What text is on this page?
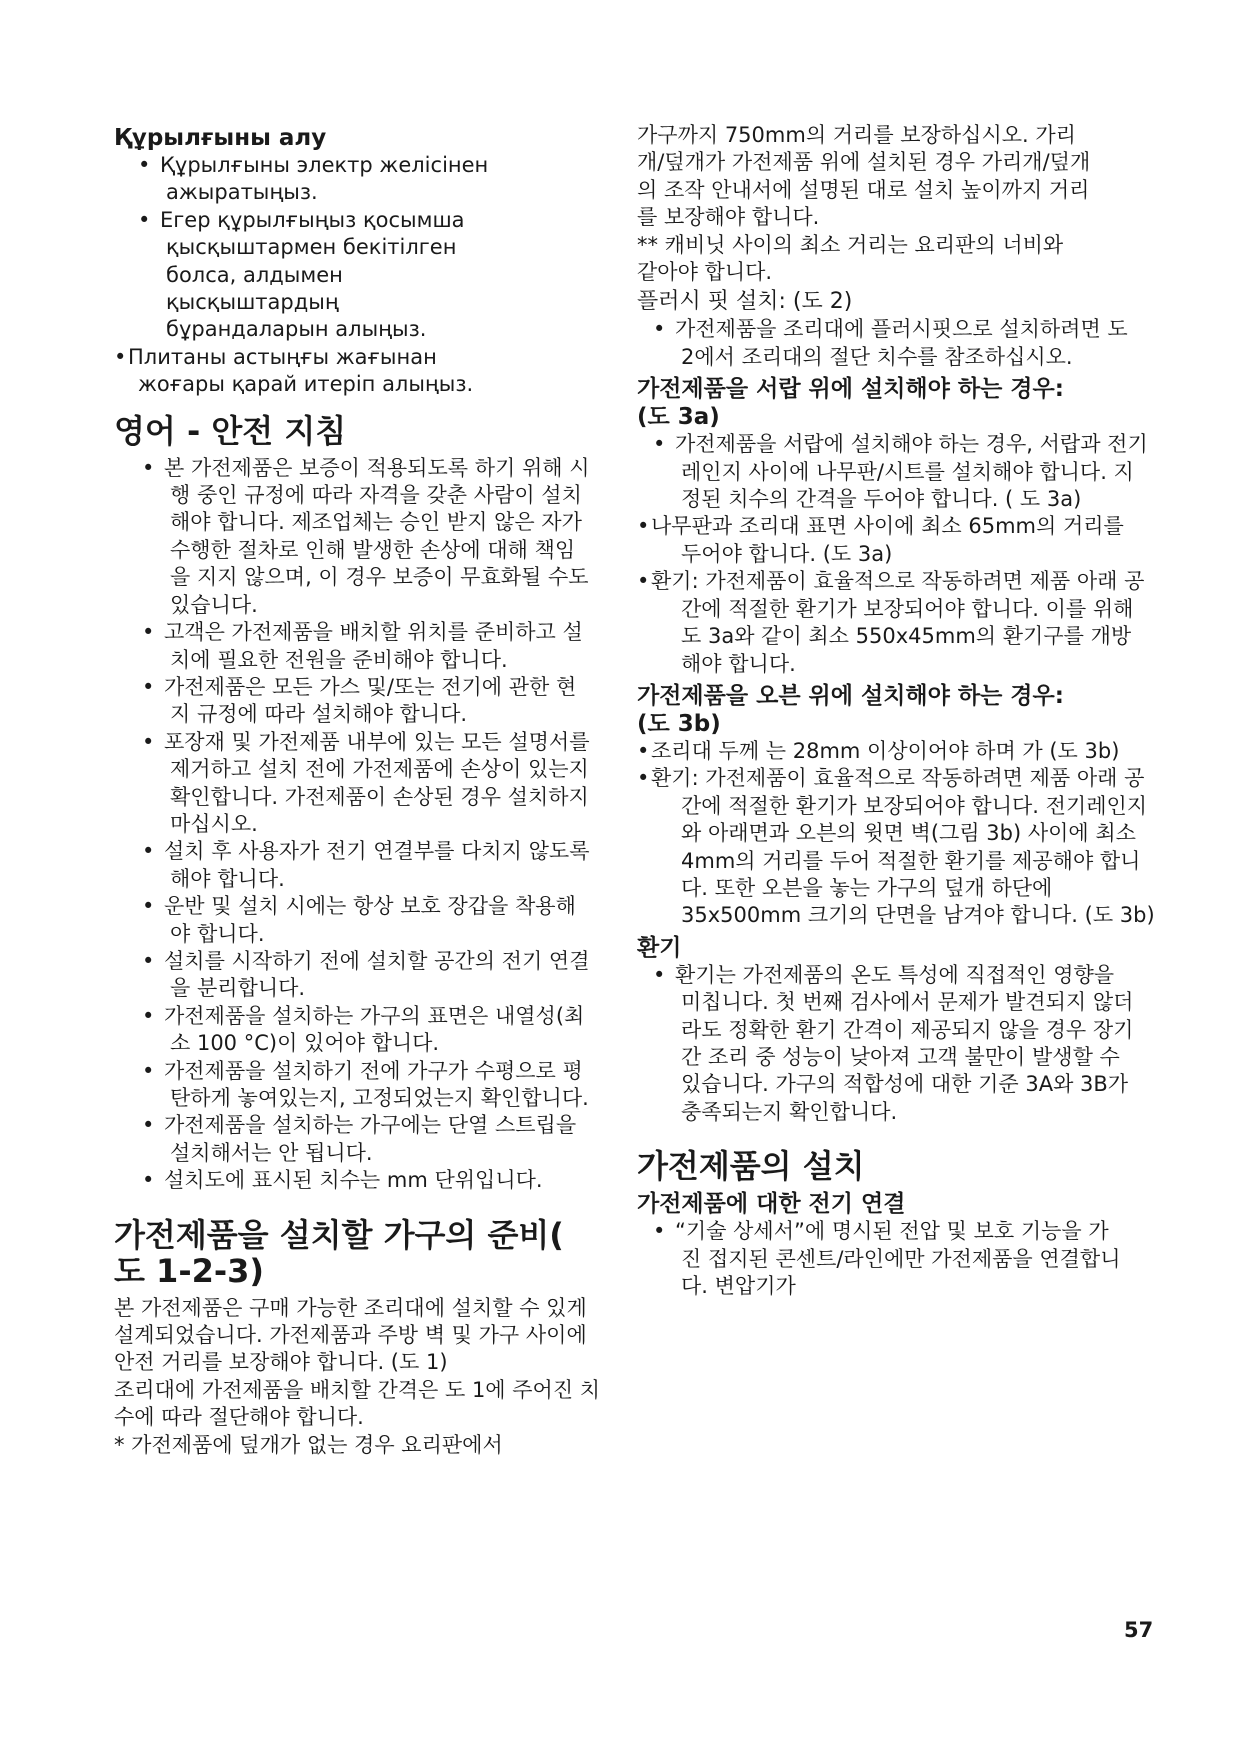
Құрылғыны алу
• Құрылғыны электр желісінен ажыратыңыз.
• Егер құрылғыңыз қосымша қысқыштармен бекітілген болса, алдымен қысқыштардың бұрандаларын алыңыз.
•Плитаны астыңғы жағынан жоғары қарай итеріп алыңыз.
영어 - 안전 지침
• 본 가전제품은 보증이 적용되도록 하기 위해 시행 중인 규정에 따라 자격을 갖춘 사람이 설치해야 합니다. 제조업체는 승인 받지 않은 자가 수행한 절차로 인해 발생한 손상에 대해 책임을 지지 않으며, 이 경우 보증이 무효화될 수도 있습니다.
• 고객은 가전제품을 배치할 위치를 준비하고 설치에 필요한 전원을 준비해야 합니다.
• 가전제품은 모든 가스 및/또는 전기에 관한 현지 규정에 따라 설치해야 합니다.
• 포장재 및 가전제품 내부에 있는 모든 설명서를 제거하고 설치 전에 가전제품에 손상이 있는지 확인합니다. 가전제품이 손상된 경우 설치하지 마십시오.
• 설치 후 사용자가 전기 연결부를 다치지 않도록 해야 합니다.
• 운반 및 설치 시에는 항상 보호 장갑을 착용해야 합니다.
• 설치를 시작하기 전에 설치할 공간의 전기 연결을 분리합니다.
• 가전제품을 설치하는 가구의 표면은 내열성(최소 100 °C)이 있어야 합니다.
• 가전제품을 설치하기 전에 가구가 수평으로 평탄하게 놓여있는지, 고정되었는지 확인합니다.
• 가전제품을 설치하는 가구에는 단열 스트립을 설치해서는 안 됩니다.
• 설치도에 표시된 치수는 mm 단위입니다.
가전제품을 설치할 가구의 준비( 도 1-2-3)
본 가전제품은 구매 가능한 조리대에 설치할 수 있게 설계되었습니다. 가전제품과 주방 벽 및 가구 사이에 안전 거리를 보장해야 합니다. (도 1)
조리대에 가전제품을 배치할 간격은 도 1에 주어진 치수에 따라 절단해야 합니다.
* 가전제품에 덮개가 없는 경우 요리판에서
가구까지 750mm의 거리를 보장하십시오. 가리개/덮개가 가전제품 위에 설치된 경우 가리개/덮개의 조작 안내서에 설명된 대로 설치 높이까지 거리를 보장해야 합니다.
** 캐비닛 사이의 최소 거리는 요리판의 너비와 같아야 합니다.
플러시 핏 설치: (도 2)
• 가전제품을 조리대에 플러시핏으로 설치하려면 도 2에서 조리대의 절단 치수를 참조하십시오.
가전제품을 서랍 위에 설치해야 하는 경우: (도 3a)
• 가전제품을 서랍에 설치해야 하는 경우, 서랍과 전기레인지 사이에 나무판/시트를 설치해야 합니다. 지정된 치수의 간격을 두어야 합니다. ( 도 3a)
•나무판과 조리대 표면 사이에 최소 65mm의 거리를 두어야 합니다. (도 3a)
•환기: 가전제품이 효율적으로 작동하려면 제품 아래 공간에 적절한 환기가 보장되어야 합니다. 이를 위해 도 3a와 같이 최소 550x45mm의 환기구를 개방해야 합니다.
가전제품을 오븐 위에 설치해야 하는 경우: (도 3b)
•조리대 두께 는 28mm 이상이어야 하며 가 (도 3b)
•환기: 가전제품이 효율적으로 작동하려면 제품 아래 공간에 적절한 환기가 보장되어야 합니다. 전기레인지와 아래면과 오븐의 윗면 벽(그림 3b) 사이에 최소 4mm의 거리를 두어 적절한 환기를 제공해야 합니다. 또한 오븐을 놓는 가구의 덮개 하단에 35x500mm 크기의 단면을 남겨야 합니다. (도 3b)
환기
• 환기는 가전제품의 온도 특성에 직접적인 영향을 미칩니다. 첫 번째 검사에서 문제가 발견되지 않더라도 정확한 환기 간격이 제공되지 않을 경우 장기간 조리 중 성능이 낮아져 고객 불만이 발생할 수 있습니다. 가구의 적합성에 대한 기준 3A와 3B가 충족되는지 확인합니다.
가전제품의 설치
가전제품에 대한 전기 연결
• “기술 상세서”에 명시된 전압 및 보호 기능을 가진 접지된 콘센트/라인에만 가전제품을 연결합니다. 변압기가
57
